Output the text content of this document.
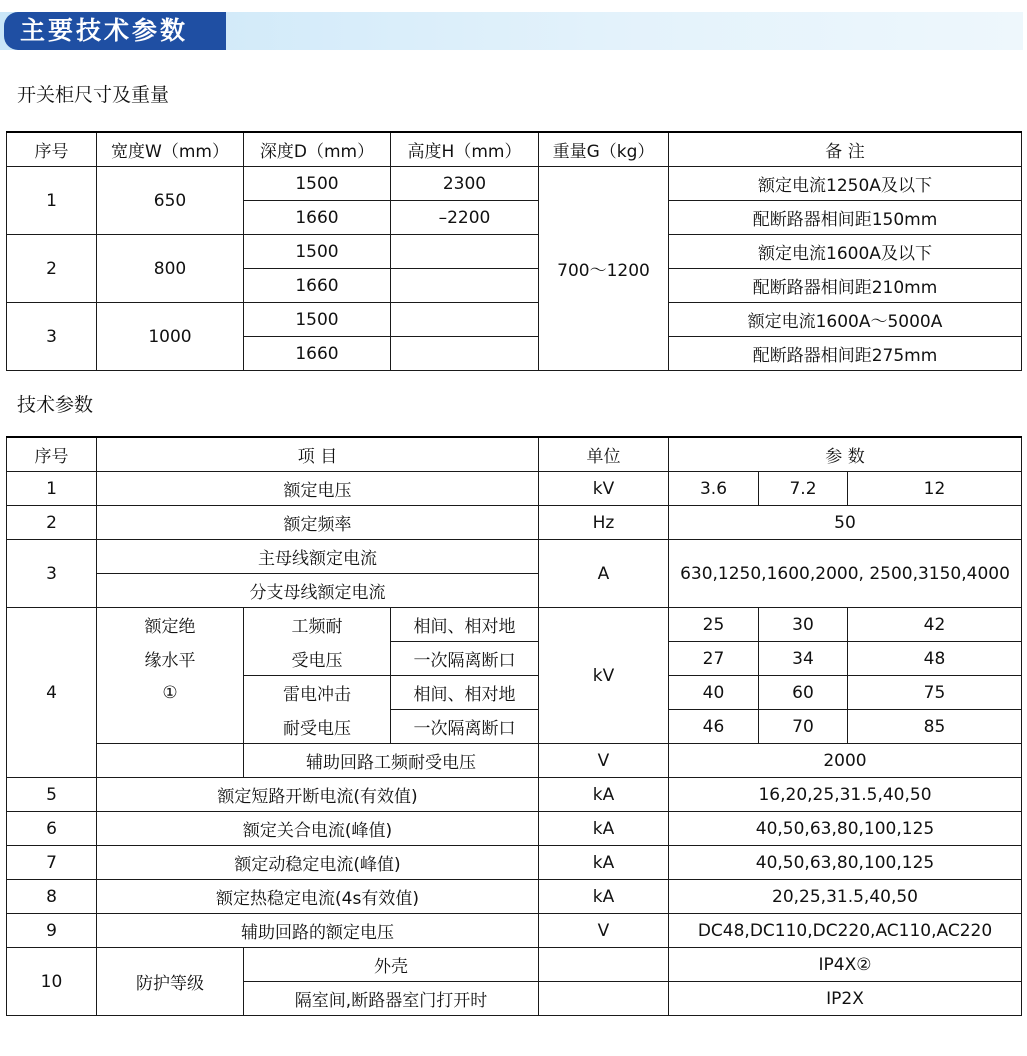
主要技术参数
开关柜尺寸及重量
序号	宽度W（mm）	深度D（mm）	高度H（mm）	重量G（kg）	备 注
1	650	1500	2300	700～1200	额定电流1250A及以下
		1660	–2200		配断路器相间距150mm
2	800	1500			额定电流1600A及以下
		1660			配断路器相间距210mm
3	1000	1500			额定电流1600A～5000A
		1660			配断路器相间距275mm
技术参数
序号	项 目			单位	参 数		
1	额定电压			kV	3.6	7.2	12
2	额定频率			Hz	50		
3	主母线额定电流			A	630,1250,1600,2000, 2500,3150,4000		
	分支母线额定电流						
4	额定绝	工频耐	相间、相对地	kV	25	30	42
	缘水平	受电压	一次隔离断口		27	34	48
	①	雷电冲击	相间、相对地		40	60	75
		耐受电压	一次隔离断口		46	70	85
		辅助回路工频耐受电压		V	2000		
5	额定短路开断电流(有效值)			kA	16,20,25,31.5,40,50		
6	额定关合电流(峰值)			kA	40,50,63,80,100,125		
7	额定动稳定电流(峰值)			kA	40,50,63,80,100,125		
8	额定热稳定电流(4s有效值)			kA	20,25,31.5,40,50		
9	辅助回路的额定电压			V	DC48,DC110,DC220,AC110,AC220		
10	防护等级	外壳			IP4X②		
		隔室间,断路器室门打开时			IP2X		
